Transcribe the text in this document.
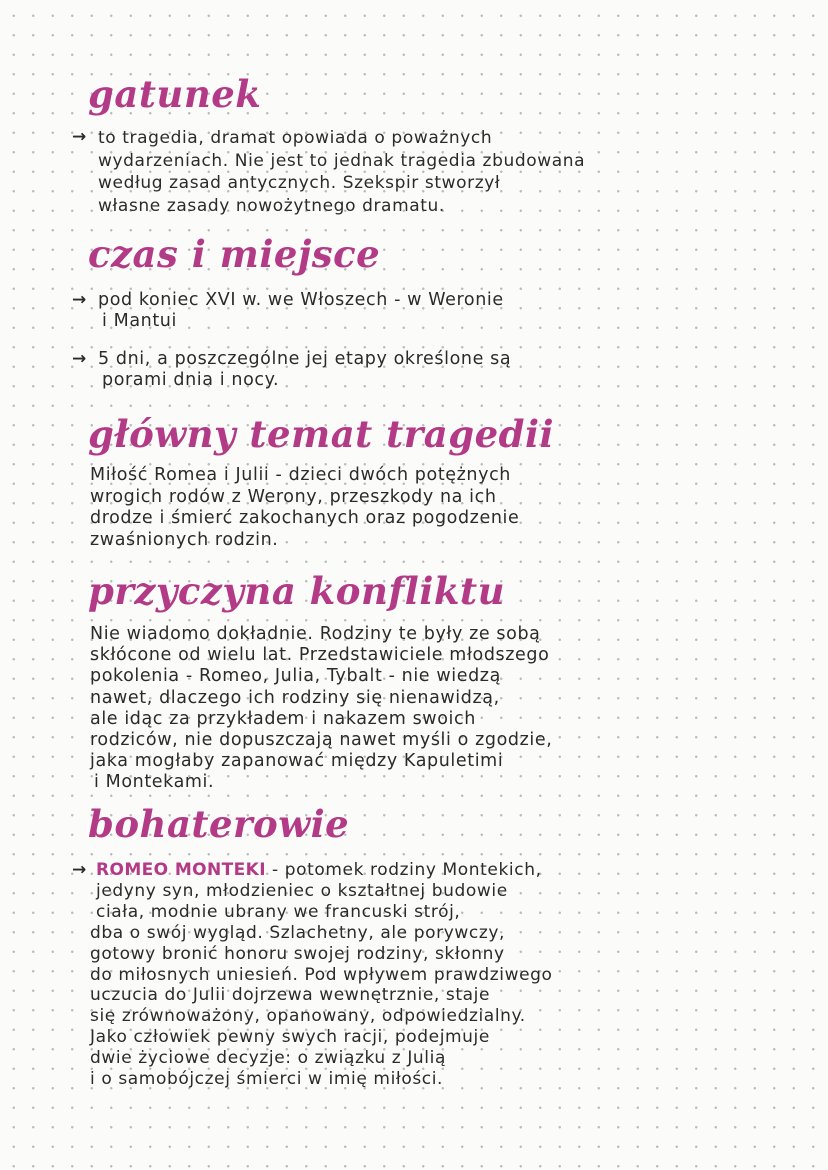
gatunek
→ to tragedia, dramat opowiada o poważnych
wydarzeniach. Nie jest to jednak tragedia zbudowana
według zasad antycznych. Szekspir stworzył
własne zasady nowożytnego dramatu.
czas i miejsce
→ pod koniec XVI w. we Włoszech - w Weronie
i Mantui
→ 5 dni, a poszczególne jej etapy określone są
porami dnia i nocy.
główny temat tragedii
Miłość Romea i Julii - dzieci dwóch potężnych
wrogich rodów z Werony, przeszkody na ich
drodze i śmierć zakochanych oraz pogodzenie
zwaśnionych rodzin.
przyczyna konfliktu
Nie wiadomo dokładnie. Rodziny te były ze sobą
skłócone od wielu lat. Przedstawiciele młodszego
pokolenia - Romeo, Julia, Tybalt - nie wiedzą
nawet, dlaczego ich rodziny się nienawidzą,
ale idąc za przykładem i nakazem swoich
rodziców, nie dopuszczają nawet myśli o zgodzie,
jaka mogłaby zapanować między Kapuletimi
i Montekami.
bohaterowie
→ ROMEO MONTEKI - potomek rodziny Montekich,
jedyny syn, młodzieniec o kształtnej budowie
ciała, modnie ubrany we francuski strój,
dba o swój wygląd. Szlachetny, ale porywczy,
gotowy bronić honoru swojej rodziny, skłonny
do miłosnych uniesień. Pod wpływem prawdziwego
uczucia do Julii dojrzewa wewnętrznie, staje
się zrównoważony, opanowany, odpowiedzialny.
Jako człowiek pewny swych racji, podejmuje
dwie życiowe decyzje: o związku z Julią
i o samobójczej śmierci w imię miłości.
